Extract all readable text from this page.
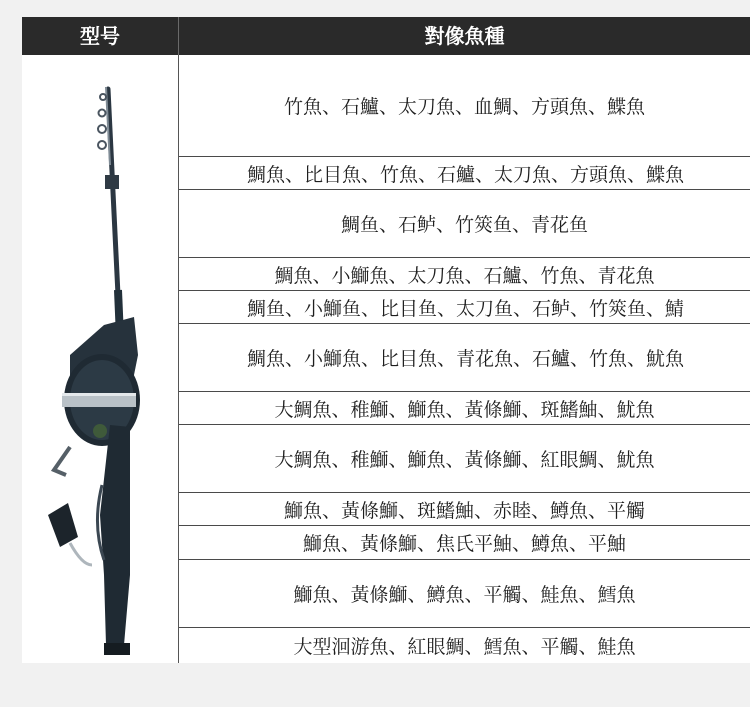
型号	對像魚種
竹魚、石鱸、太刀魚、血鯛、方頭魚、鰈魚
鯛魚、比目魚、竹魚、石鱸、太刀魚、方頭魚、鰈魚
鯛鱼、石鲈、竹筴鱼、青花鱼
鯛魚、小鰤魚、太刀魚、石鱸、竹魚、青花魚
鯛鱼、小鰤鱼、比目鱼、太刀鱼、石鲈、竹筴鱼、鯖
鯛魚、小鰤魚、比目魚、青花魚、石鱸、竹魚、魷魚
大鯛魚、稚鰤、鰤魚、黃條鰤、斑鰭鮋、魷魚
大鯛魚、稚鰤、鰤魚、黃條鰤、紅眼鯛、魷魚
鰤魚、黃條鰤、斑鰭鮋、赤睦、鱒魚、平觸
鰤魚、黃條鰤、焦氏平鮋、鱒魚、平鮋
鰤魚、黃條鰤、鱒魚、平觸、鮭魚、鱈魚
大型洄游魚、紅眼鯛、鱈魚、平觸、鮭魚
